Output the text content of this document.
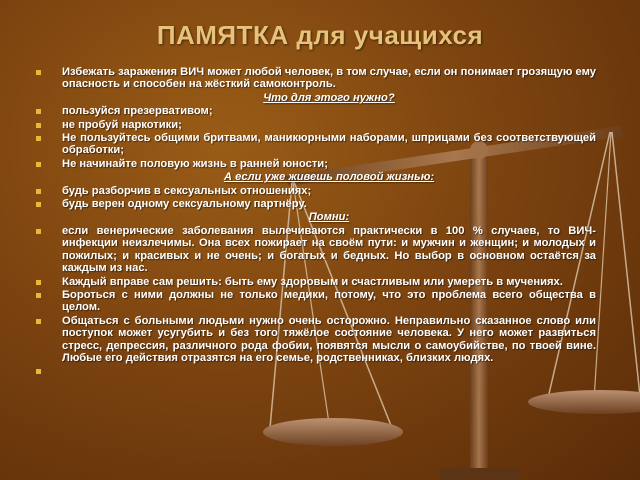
ПАМЯТКА для учащихся
Избежать заражения ВИЧ может любой человек, в том случае, если он понимает грозящую ему опасность и способен на жёсткий самоконтроль.
Что для этого нужно?
пользуйся презервативом;
не пробуй наркотики;
Не пользуйтесь общими бритвами, маникюрными наборами, шприцами без соответствующей обработки;
Не начинайте половую жизнь в ранней юности;
А если уже живешь половой жизнью:
будь разборчив в сексуальных отношениях;
будь верен одному сексуальному партнёру.
Помни:
если венерические заболевания вылечиваются практически в 100 % случаев, то ВИЧ-инфекции неизлечимы. Она всех пожирает на своём пути: и мужчин и женщин; и молодых и пожилых; и красивых и не очень; и богатых и бедных. Но выбор в основном остаётся за каждым из нас.
Каждый вправе сам решить: быть ему здоровым и счастливым или умереть в мучениях.
Бороться с ними должны не только медики, потому, что это проблема всего общества в целом.
Общаться с больными людьми нужно очень осторожно. Неправильно сказанное слово или поступок может усугубить и без того тяжёлое состояние человека. У него может развиться стресс, депрессия, различного рода фобии, появятся мысли о самоубийстве, по твоей вине. Любые его действия отразятся на его семье, родственниках, близких людях.
